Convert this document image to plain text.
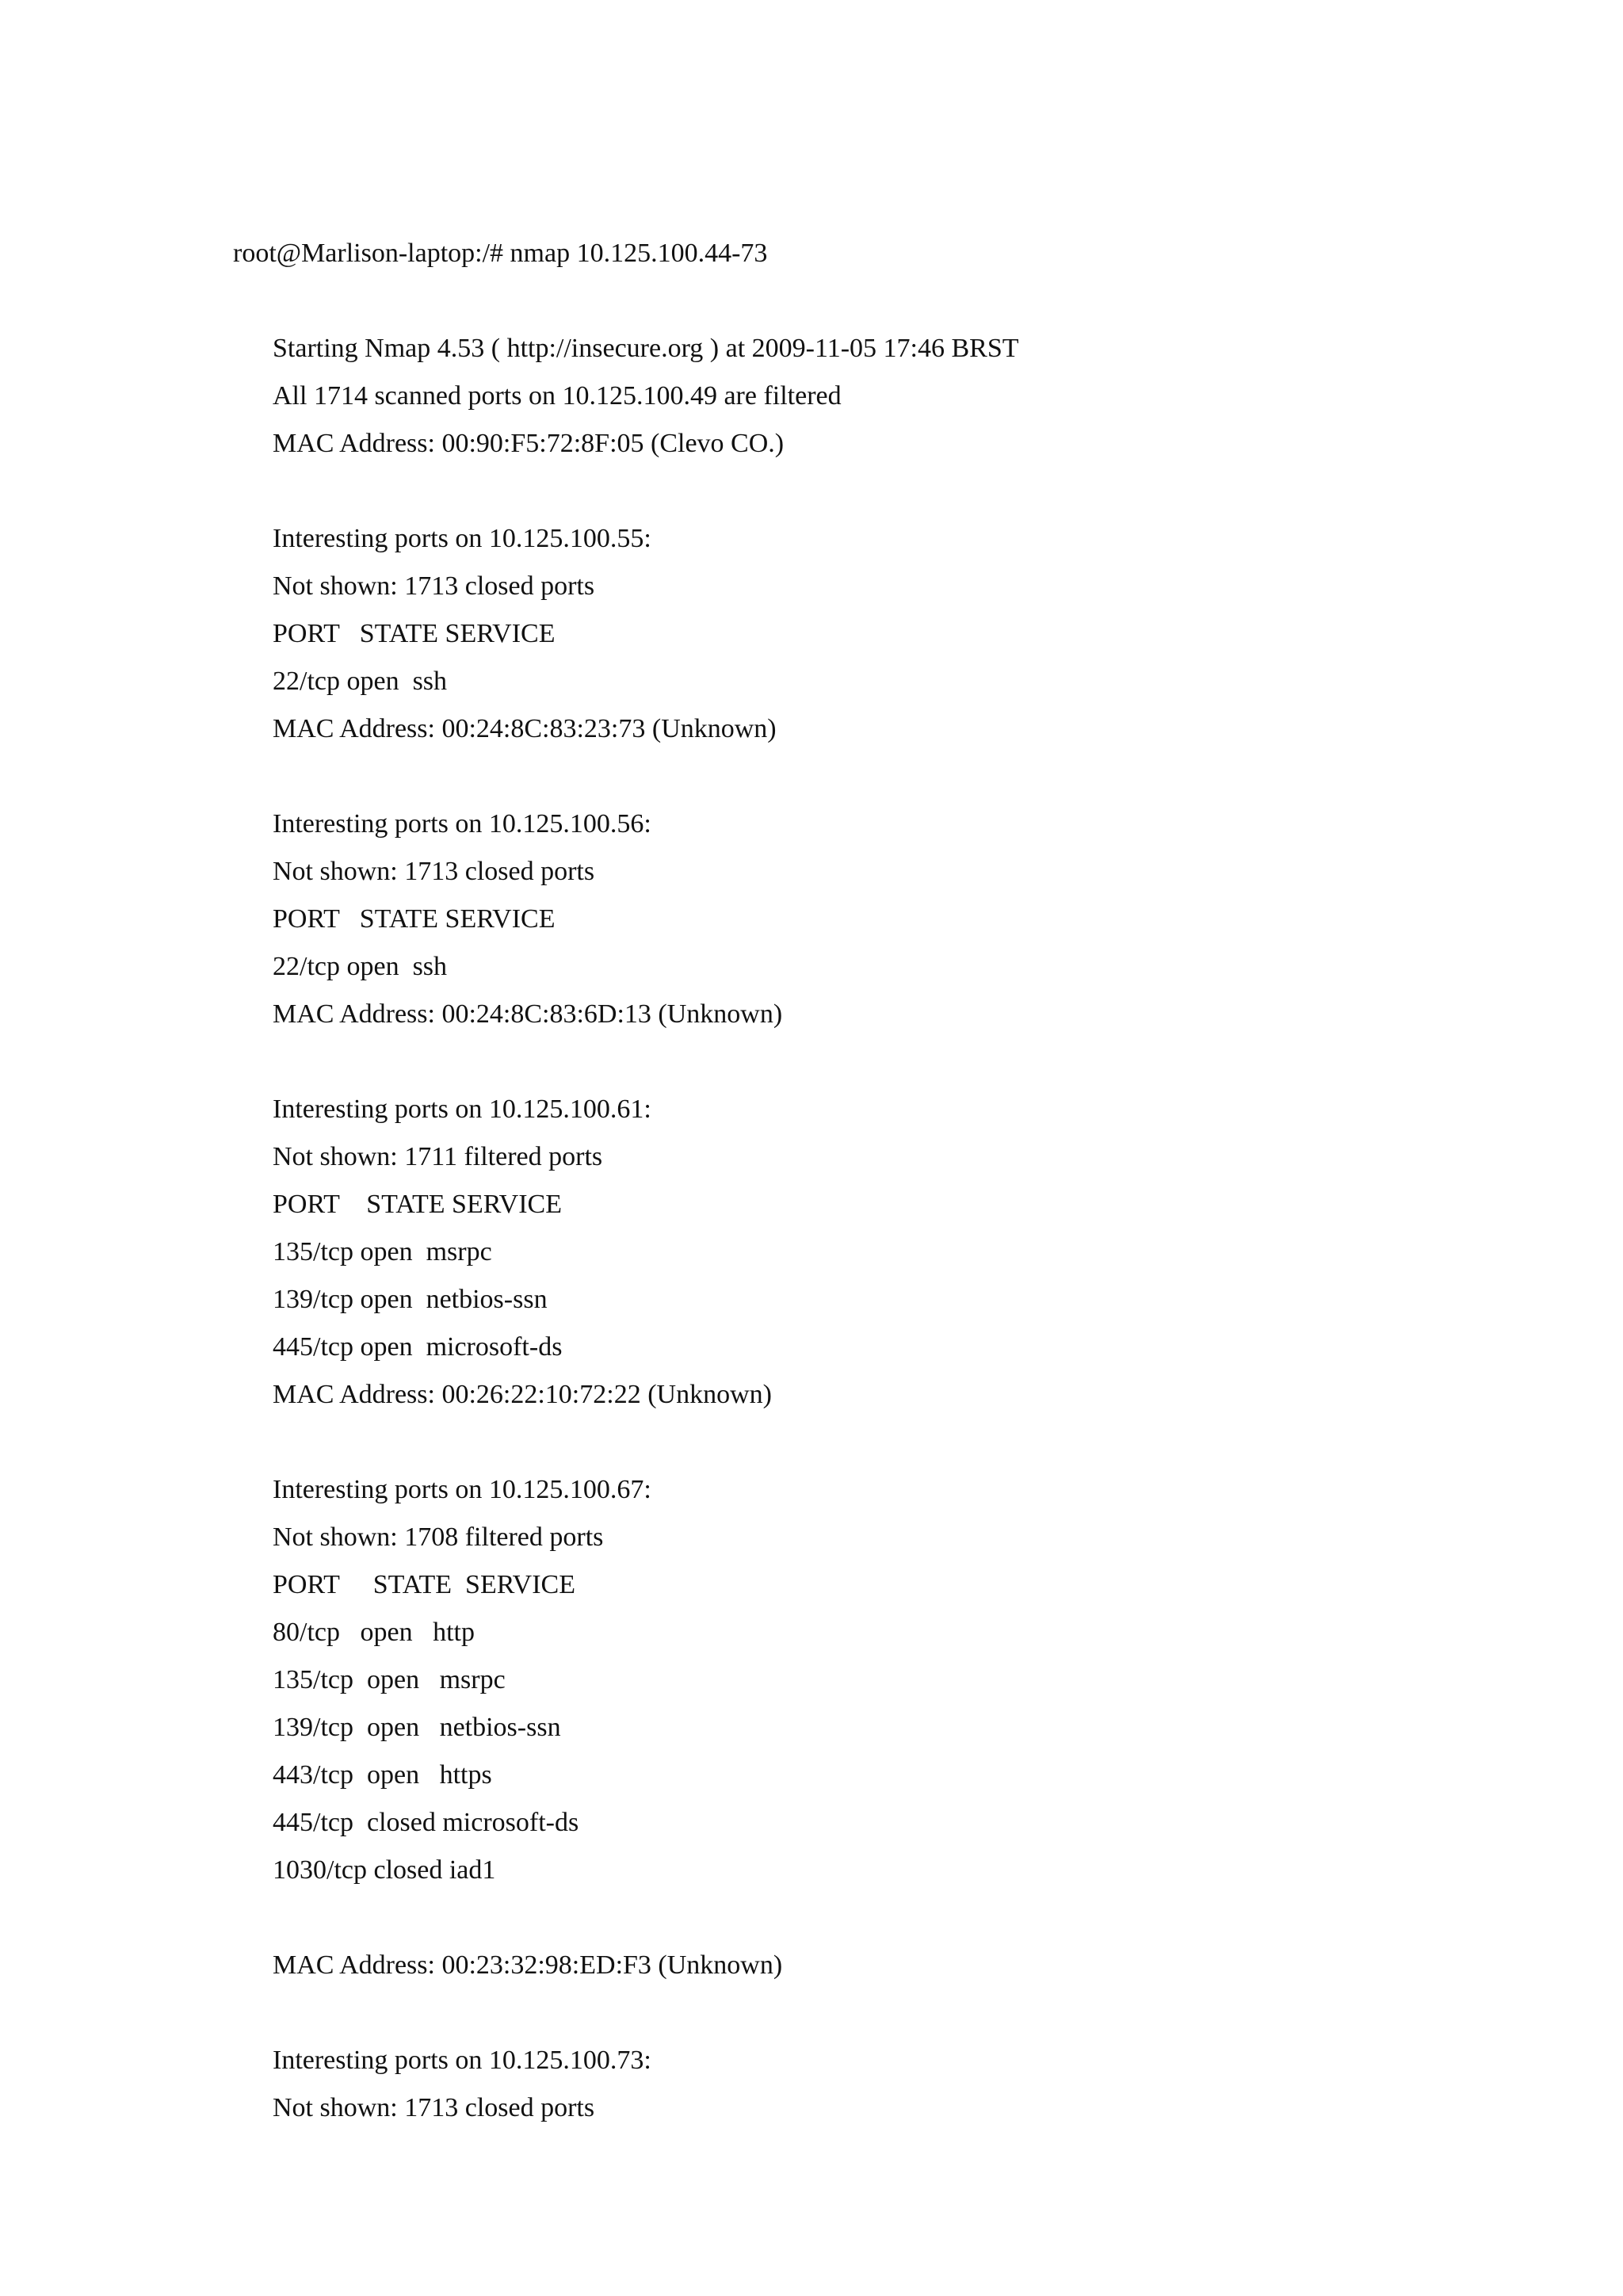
root@Marlison-laptop:/# nmap 10.125.100.44-73
Starting Nmap 4.53 ( http://insecure.org ) at 2009-11-05 17:46 BRST
All 1714 scanned ports on 10.125.100.49 are filtered
MAC Address: 00:90:F5:72:8F:05 (Clevo CO.)
Interesting ports on 10.125.100.55:
Not shown: 1713 closed ports
PORT   STATE SERVICE
22/tcp open  ssh
MAC Address: 00:24:8C:83:23:73 (Unknown)
Interesting ports on 10.125.100.56:
Not shown: 1713 closed ports
PORT   STATE SERVICE
22/tcp open  ssh
MAC Address: 00:24:8C:83:6D:13 (Unknown)
Interesting ports on 10.125.100.61:
Not shown: 1711 filtered ports
PORT    STATE SERVICE
135/tcp open  msrpc
139/tcp open  netbios-ssn
445/tcp open  microsoft-ds
MAC Address: 00:26:22:10:72:22 (Unknown)
Interesting ports on 10.125.100.67:
Not shown: 1708 filtered ports
PORT     STATE  SERVICE
80/tcp   open   http
135/tcp  open   msrpc
139/tcp  open   netbios-ssn
443/tcp  open   https
445/tcp  closed microsoft-ds
1030/tcp closed iad1
MAC Address: 00:23:32:98:ED:F3 (Unknown)
Interesting ports on 10.125.100.73:
Not shown: 1713 closed ports
